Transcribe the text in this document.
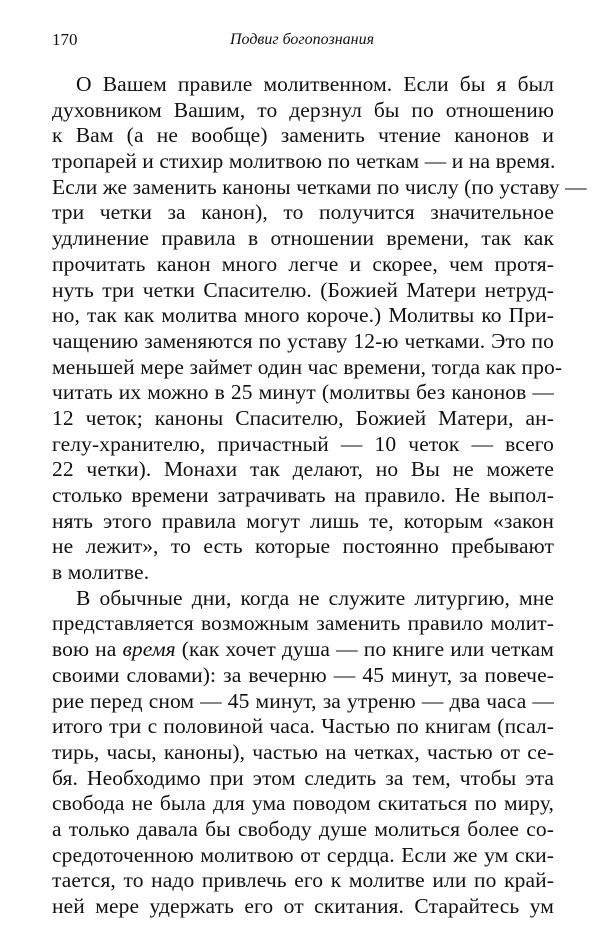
170	Подвиг богопознания
О Вашем правиле молитвенном. Если бы я был
духовником Вашим, то дерзнул бы по отношению
к Вам (а не вообще) заменить чтение канонов и
тропарей и стихир молитвою по четкам — и на время.
Если же заменить каноны четками по числу (по уставу —
три четки за канон), то получится значительное
удлинение правила в отношении времени, так как
прочитать канон много легче и скорее, чем протя-
нуть три четки Спасителю. (Божией Матери нетруд-
но, так как молитва много короче.) Молитвы ко При-
чащению заменяются по уставу 12-ю четками. Это по
меньшей мере займет один час времени, тогда как про-
читать их можно в 25 минут (молитвы без канонов —
12 четок; каноны Спасителю, Божией Матери, ан-
гелу-хранителю, причастный — 10 четок — всего
22 четки). Монахи так делают, но Вы не можете
столько времени затрачивать на правило. Не выпол-
нять этого правила могут лишь те, которым «закон
не лежит», то есть которые постоянно пребывают
в молитве.
В обычные дни, когда не служите литургию, мне
представляется возможным заменить правило молит-
вою на время (как хочет душа — по книге или четкам
своими словами): за вечерню — 45 минут, за повече-
рие перед сном — 45 минут, за утреню — два часа —
итого три с половиной часа. Частью по книгам (псал-
тирь, часы, каноны), частью на четках, частью от се-
бя. Необходимо при этом следить за тем, чтобы эта
свобода не была для ума поводом скитаться по миру,
а только давала бы свободу душе молиться более со-
средоточенною молитвою от сердца. Если же ум ски-
тается, то надо привлечь его к молитве или по край-
ней мере удержать его от скитания. Старайтесь ум
